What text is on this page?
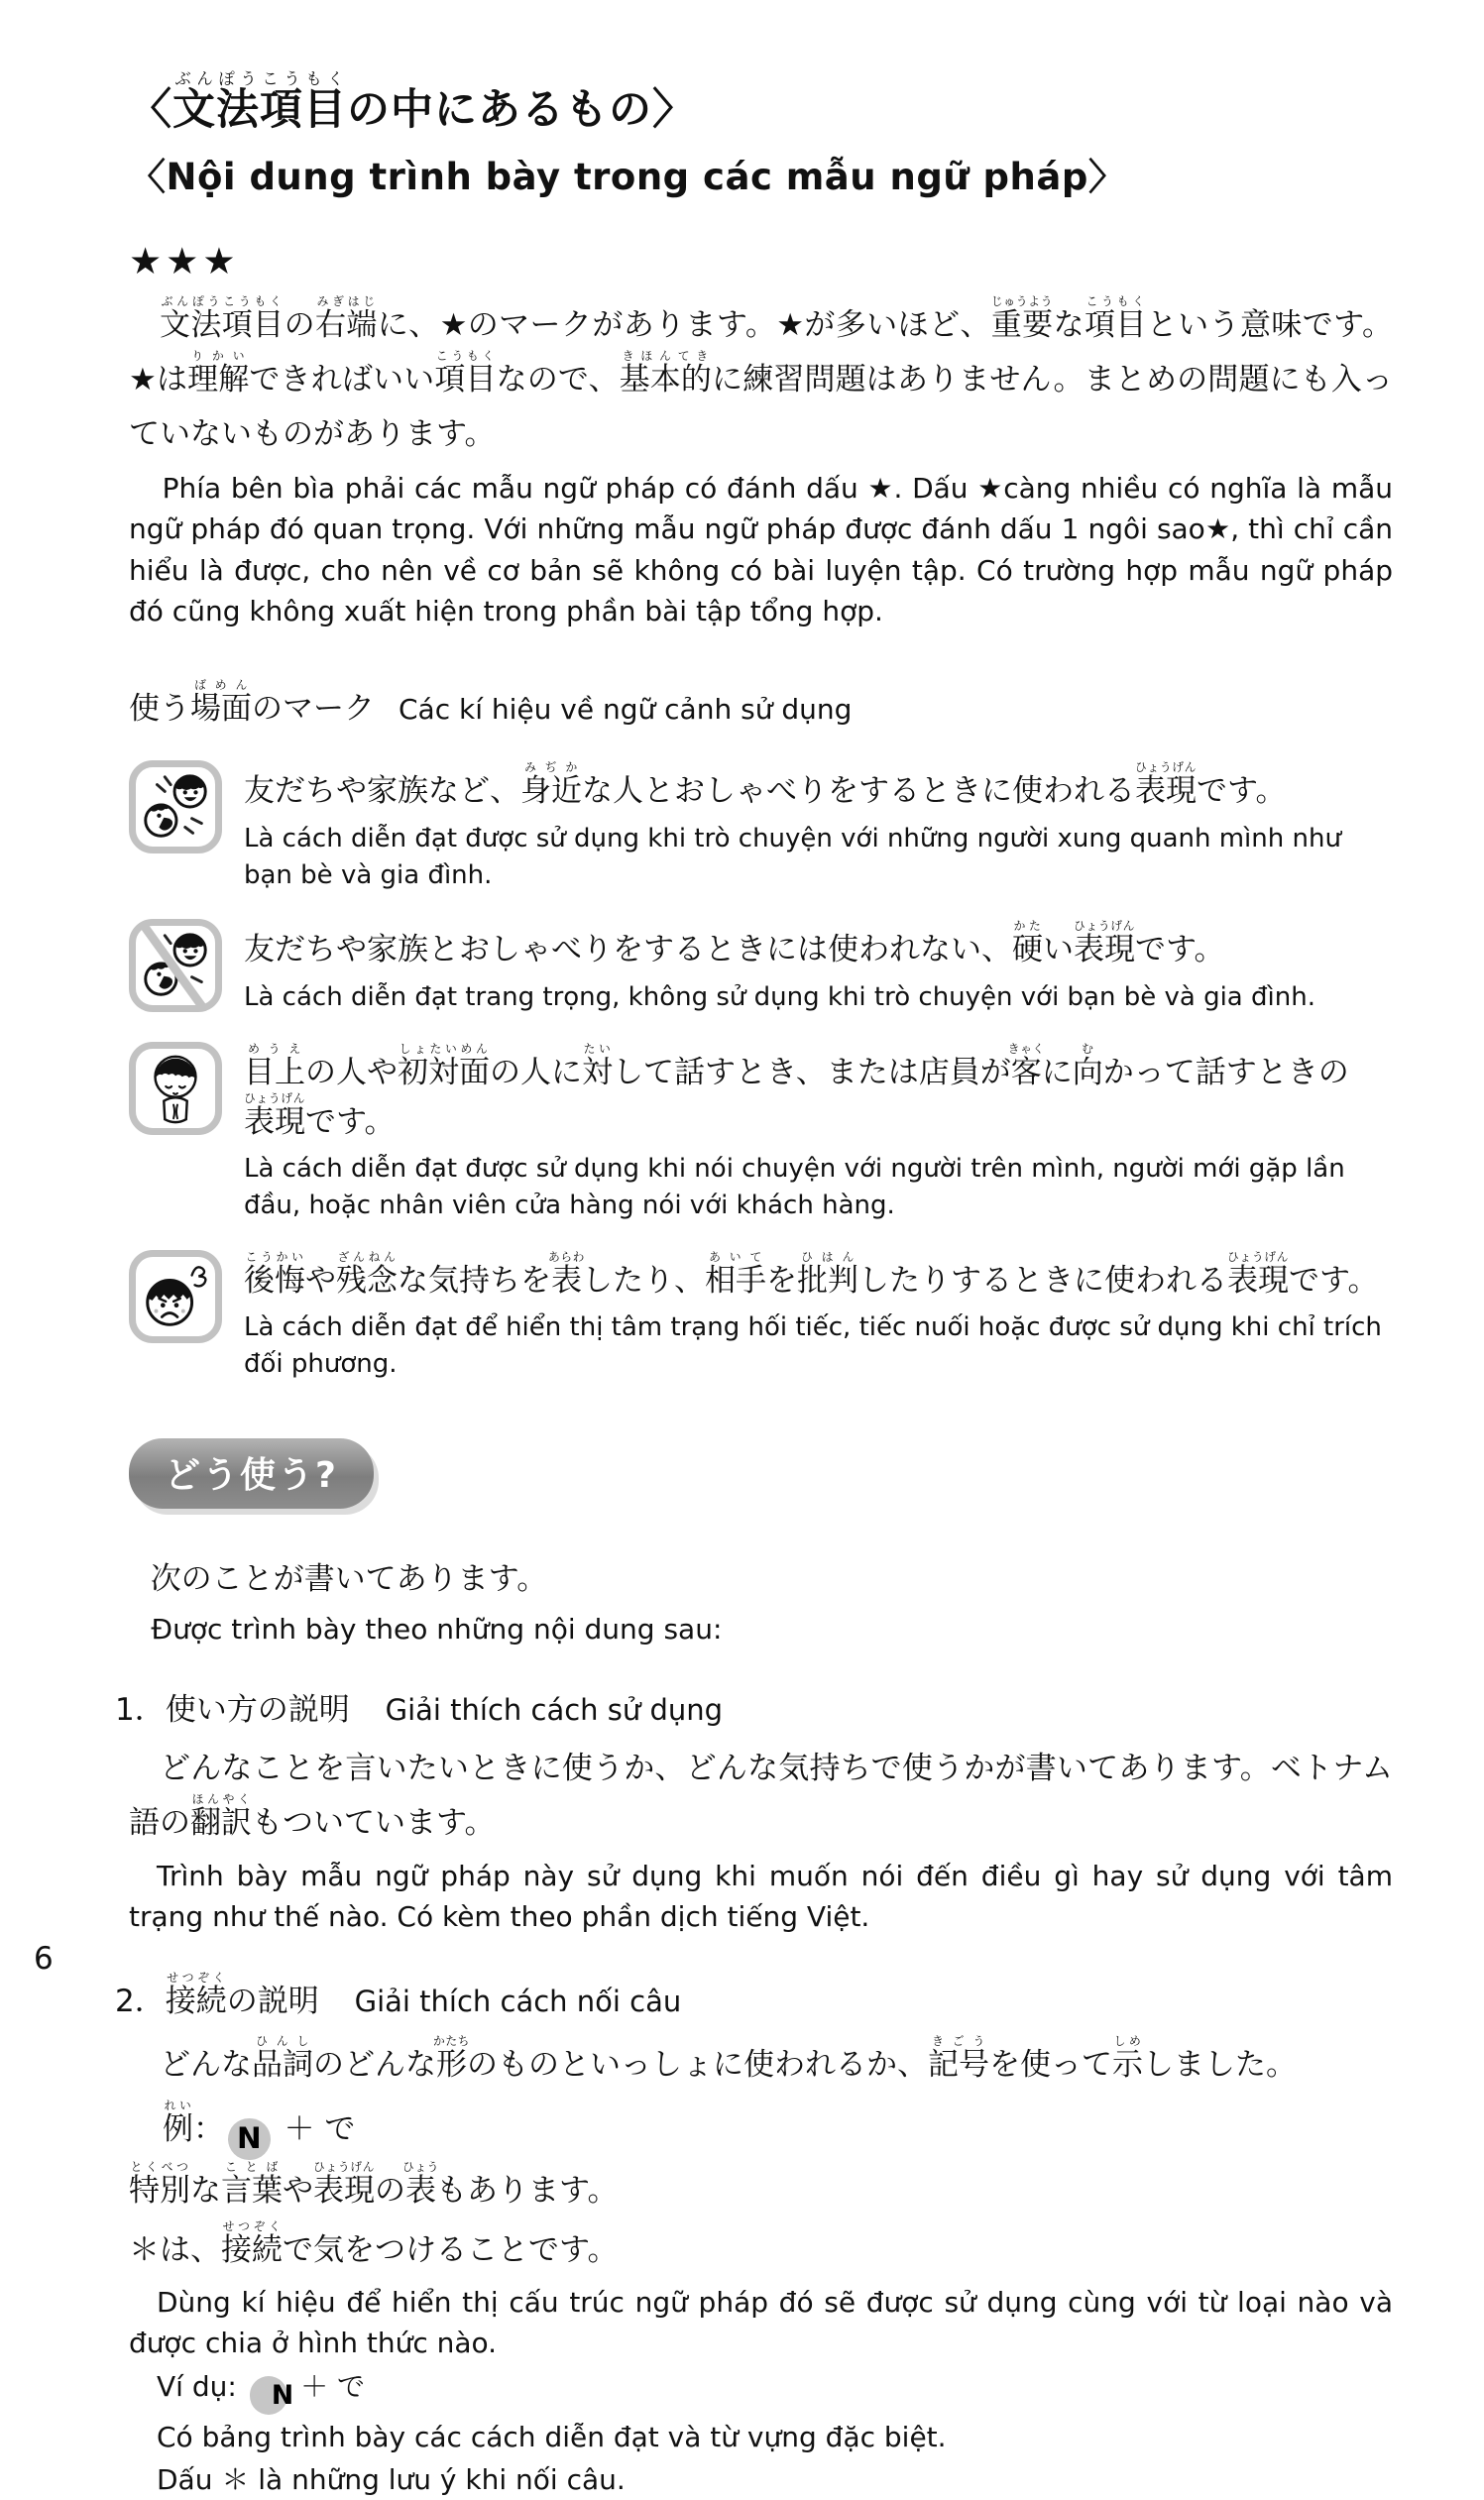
〈文法項目ぶんぽうこうもくの中にあるもの〉
〈Nội dung trình bày trong các mẫu ngữ pháp〉
★★★

文法項目ぶんぽうこうもくの右端みぎはじに、★のマークがあります。★が多いほど、重要じゅうような項目こうもくという意味です。★は理解りかいできればいい項目こうもくなので、基本的きほんてきに練習問題はありません。まとめの問題にも入っていないものがあります。

Phía bên bìa phải các mẫu ngữ pháp có đánh dấu ★. Dấu ★càng nhiều có nghĩa là mẫu ngữ pháp đó quan trọng. Với những mẫu ngữ pháp được đánh dấu 1 ngôi sao★, thì chỉ cần hiểu là được, cho nên về cơ bản sẽ không có bài luyện tập. Có trường hợp mẫu ngữ pháp đó cũng không xuất hiện trong phần bài tập tổng hợp.

使う場面ばめんのマーク Các kí hiệu về ngữ cảnh sử dụng
友だちや家族など、身近みぢかな人とおしゃべりをするときに使われる表現ひょうげんです。
Là cách diễn đạt được sử dụng khi trò chuyện với những người xung quanh mình như bạn bè và gia đình.
友だちや家族とおしゃべりをするときには使われない、硬かたい表現ひょうげんです。
Là cách diễn đạt trang trọng, không sử dụng khi trò chuyện với bạn bè và gia đình.
目上めうえの人や初対面しょたいめんの人に対たいして話すとき、または店員が客きゃくに向むかって話すときの表現ひょうげんです。
Là cách diễn đạt được sử dụng khi nói chuyện với người trên mình, người mới gặp lần đầu, hoặc nhân viên cửa hàng nói với khách hàng.
後悔こうかいや残念ざんねんな気持ちを表あらわしたり、相手あいてを批判ひはんしたりするときに使われる表現ひょうげんです。
Là cách diễn đạt để hiển thị tâm trạng hối tiếc, tiếc nuối hoặc được sử dụng khi chỉ trích đối phương.
どう使う?

次のことが書いてあります。

Được trình bày theo những nội dung sau:

1．使い方の説明 Giải thích cách sử dụng

どんなことを言いたいときに使うか、どんな気持ちで使うかが書いてあります。ベトナム語の翻訳ほんやくもついています。

Trình bày mẫu ngữ pháp này sử dụng khi muốn nói đến điều gì hay sử dụng với tâm trạng như thế nào. Có kèm theo phần dịch tiếng Việt.

2．接続せつぞくの説明 Giải thích cách nối câu

どんな品詞ひんしのどんな形かたちのものといっしょに使われるか、記号きごうを使って示しめしました。

例れい： N ＋ で

特別とくべつな言葉ことばや表現ひょうげんの表ひょうもあります。

＊は、接続せつぞくで気をつけることです。

Dùng kí hiệu để hiển thị cấu trúc ngữ pháp đó sẽ được sử dụng cùng với từ loại nào và được chia ở hình thức nào.

Ví dụ: N ＋ で

Có bảng trình bày các cách diễn đạt và từ vựng đặc biệt.

Dấu ＊ là những lưu ý khi nối câu.

6
